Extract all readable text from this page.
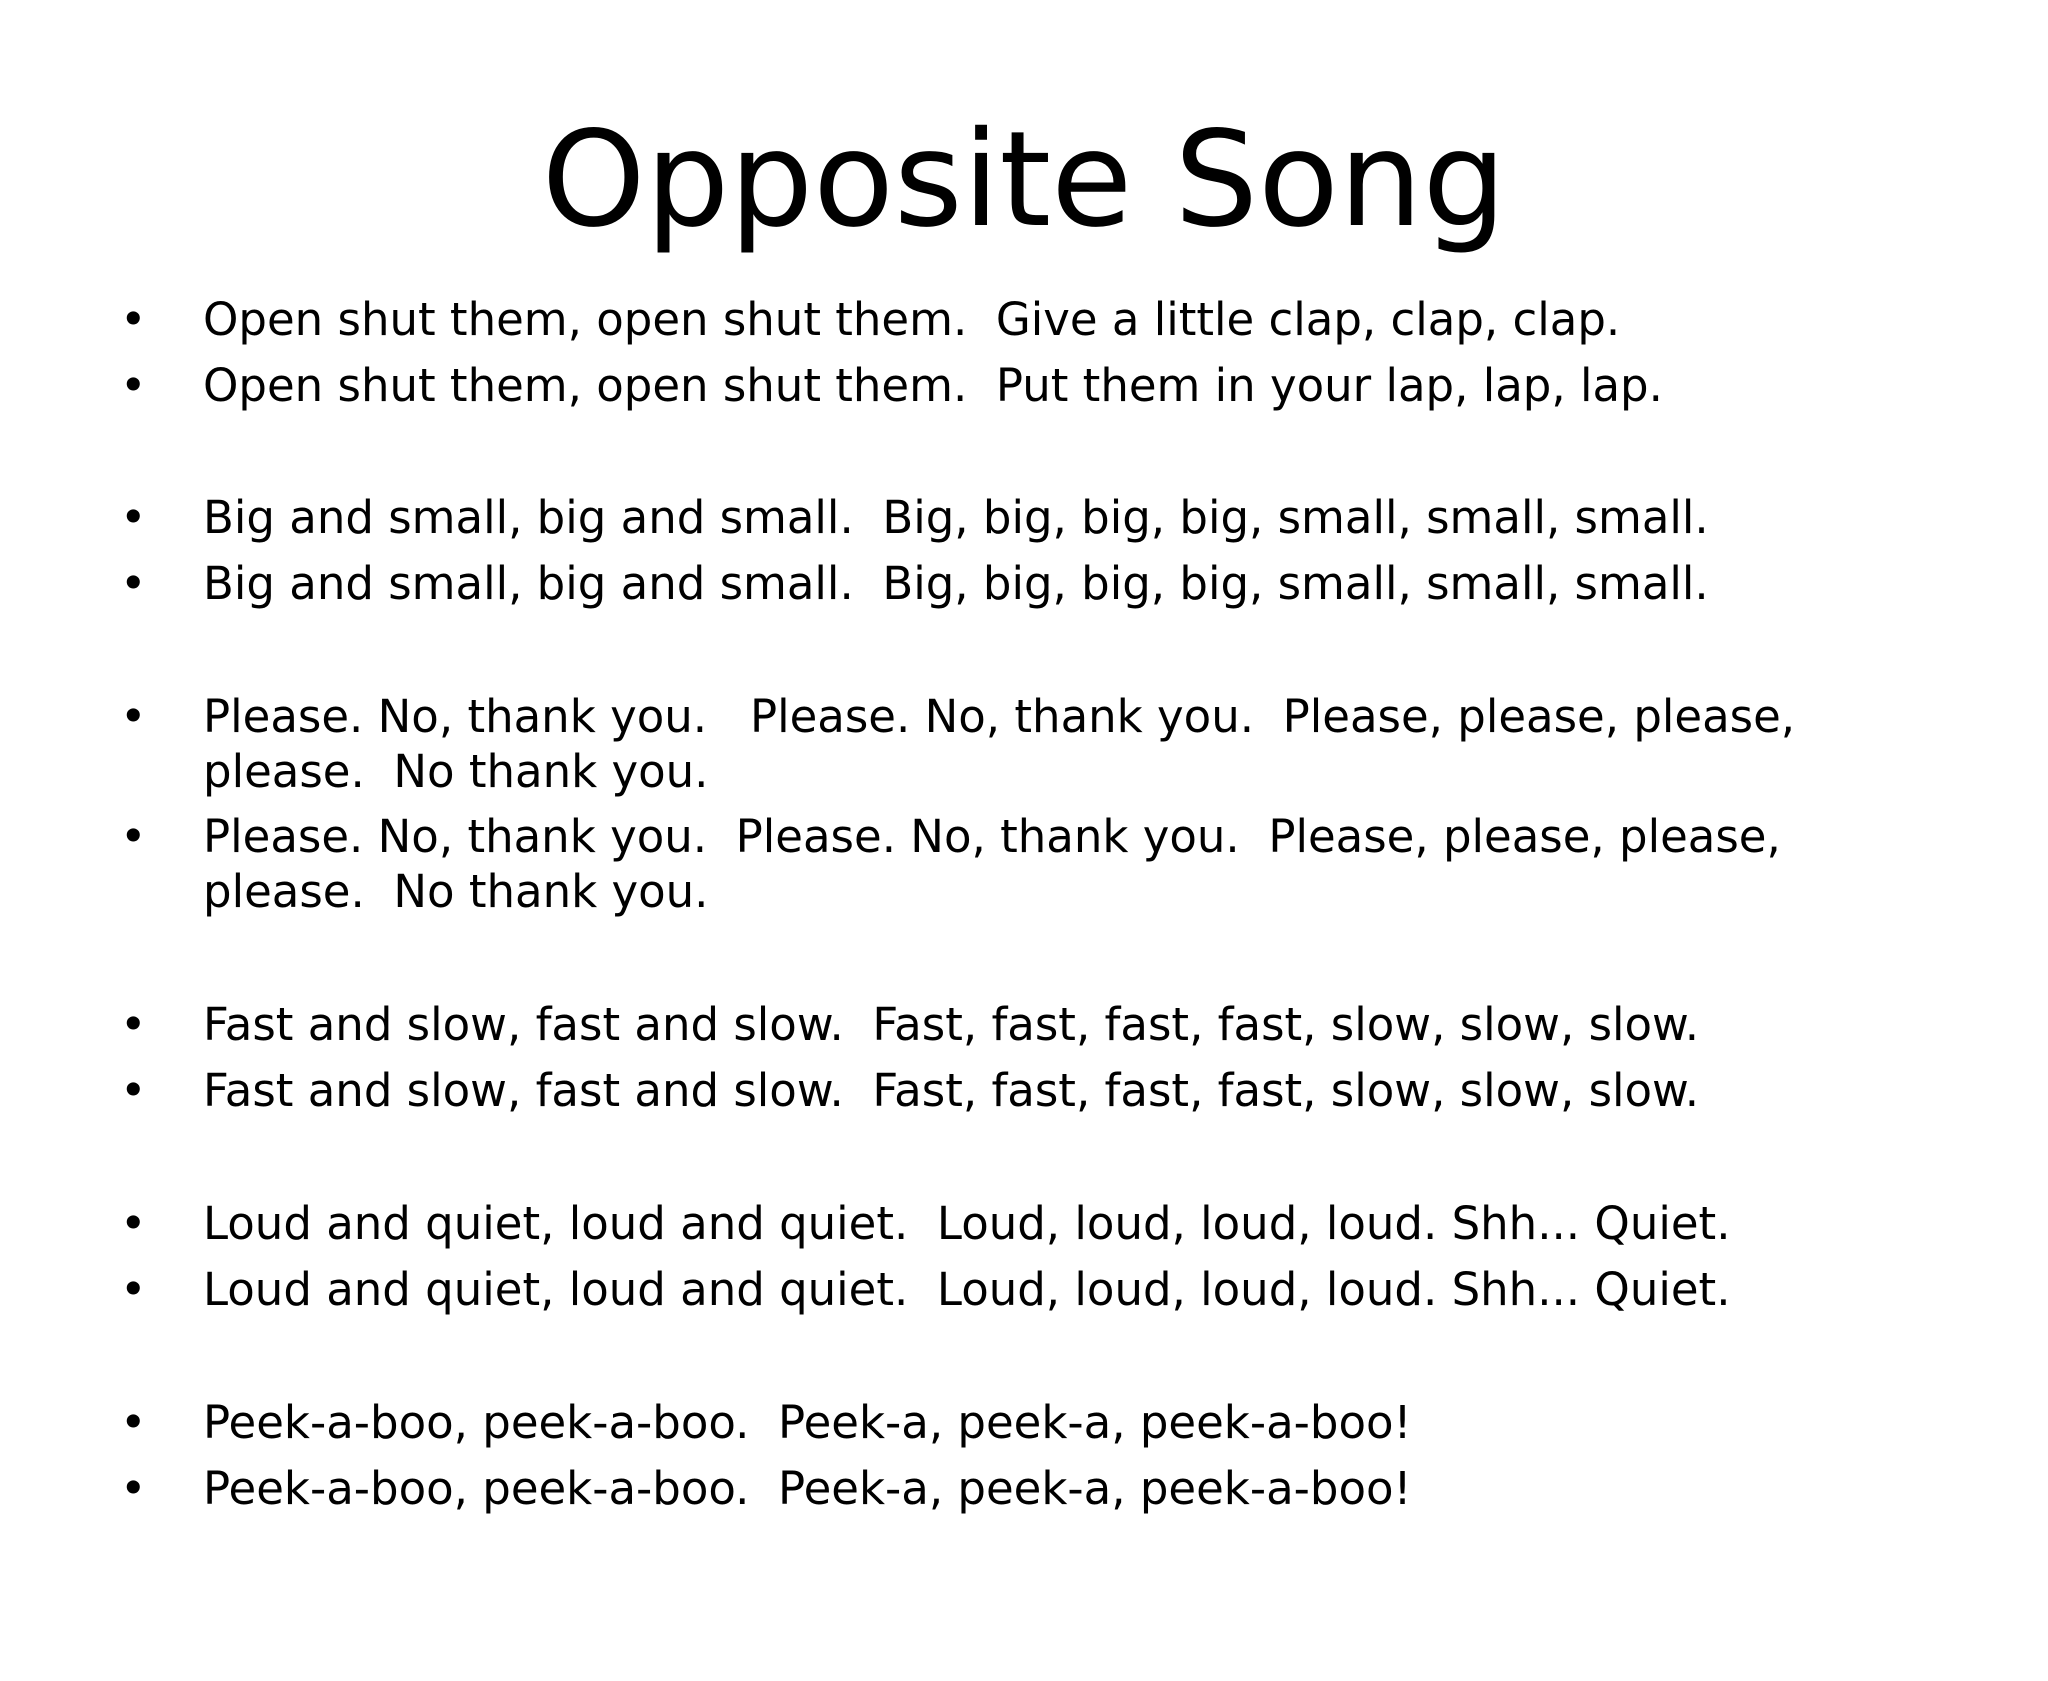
Opposite Song

•

Open shut them, open shut them.  Give a little clap, clap, clap.

•

Open shut them, open shut them.  Put them in your lap, lap, lap.

•

Big and small, big and small.  Big, big, big, big, small, small, small.

•

Big and small, big and small.  Big, big, big, big, small, small, small.

•

Please. No, thank you.   Please. No, thank you.  Please, please, please, please.  No thank you.

•

Please. No, thank you.  Please. No, thank you.  Please, please, please, please.  No thank you.

•

Fast and slow, fast and slow.  Fast, fast, fast, fast, slow, slow, slow.

•

Fast and slow, fast and slow.  Fast, fast, fast, fast, slow, slow, slow.

•

Loud and quiet, loud and quiet.  Loud, loud, loud, loud. Shh... Quiet.

•

Loud and quiet, loud and quiet.  Loud, loud, loud, loud. Shh... Quiet.

•

Peek-a-boo, peek-a-boo.  Peek-a, peek-a, peek-a-boo!

•

Peek-a-boo, peek-a-boo.  Peek-a, peek-a, peek-a-boo!
